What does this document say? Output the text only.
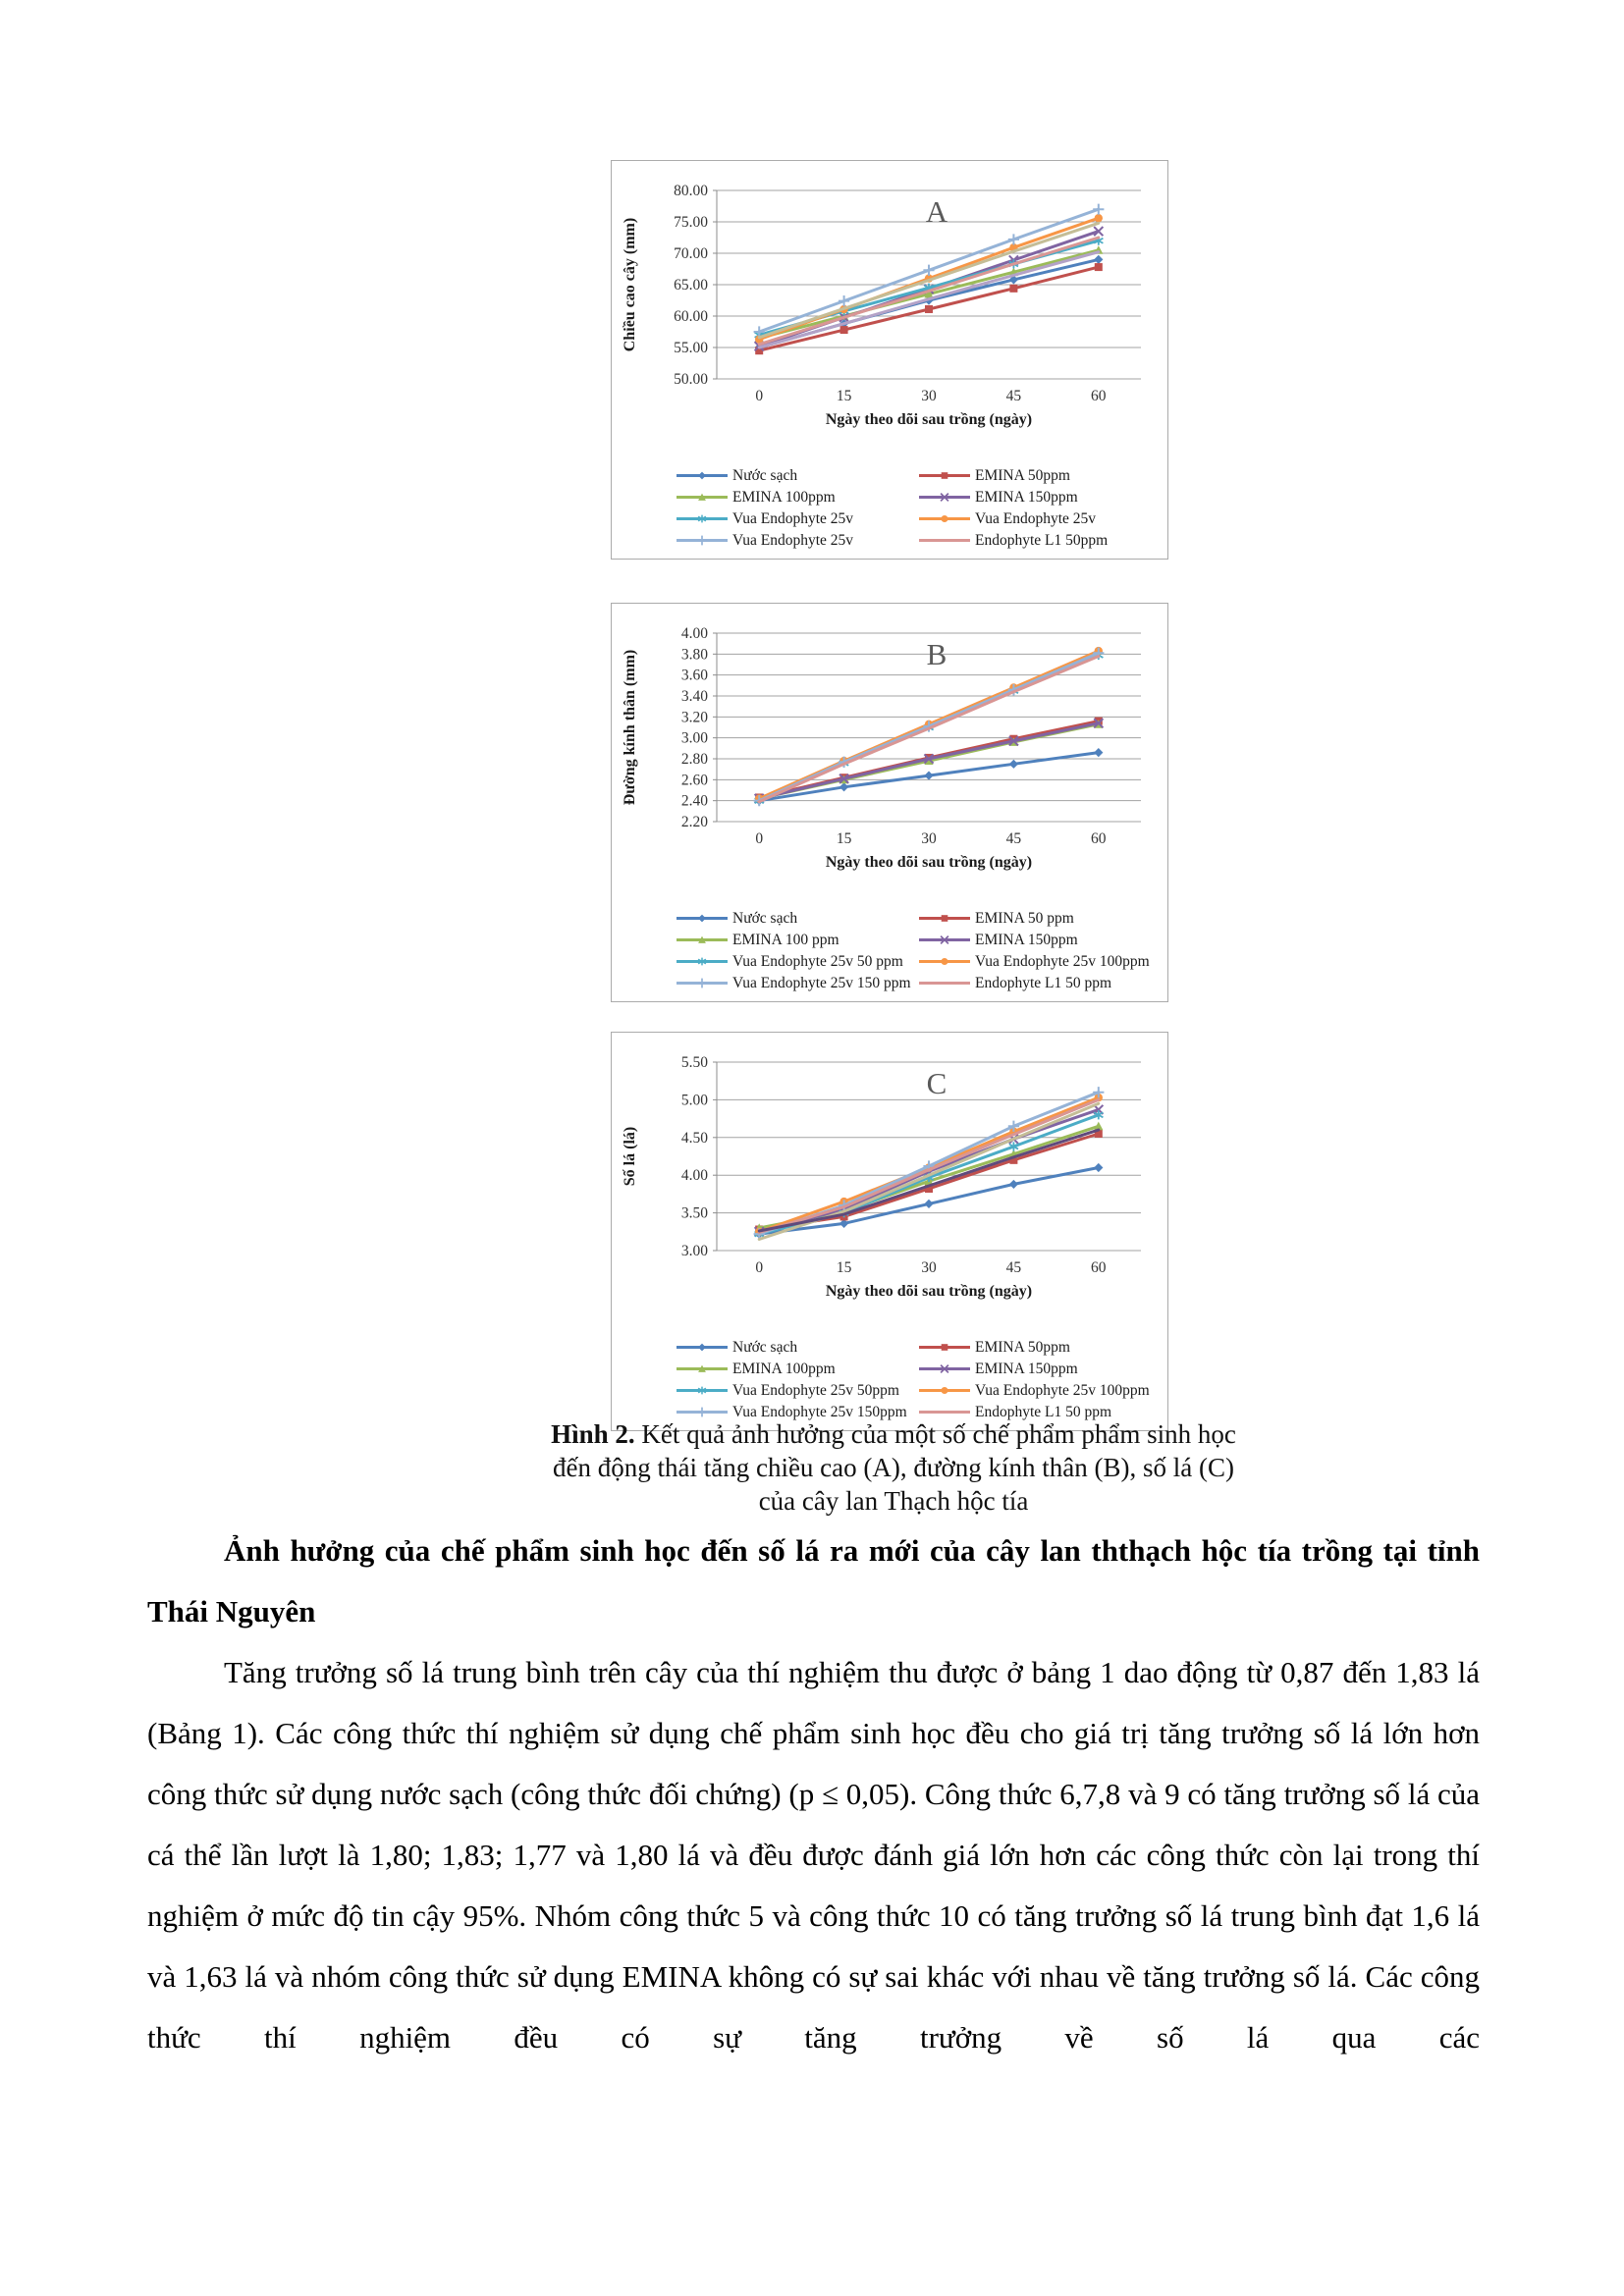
50.00
55.00
60.00
65.00
70.00
75.00
80.00
0	15	30	45	60
Ngày theo dõi sau trồng (ngày)
Chiều cao cây (mm)
A
Nước sạch	EMINA 50ppm
EMINA 100ppm	EMINA 150ppm
Vua Endophyte 25v	Vua Endophyte 25v
Vua Endophyte 25v	Endophyte L1 50ppm
2.20
2.40
2.60
2.80
3.00
3.20
3.40
3.60
3.80
4.00
0	15	30	45	60
Ngày theo dõi sau trồng (ngày)
Đường kính thân (mm)	B
Nước sạch	EMINA 50 ppm
EMINA 100 ppm	EMINA 150ppm
Vua Endophyte 25v 50 ppm	Vua Endophyte 25v 100ppm
Vua Endophyte 25v 150 ppm	Endophyte L1 50 ppm
3.00
3.50
4.00
4.50
5.00
5.50
0	15	30	45	60
Ngày theo dõi sau trồng (ngày)
Số lá (lá)
C
Nước sạch	EMINA 50ppm
EMINA 100ppm	EMINA 150ppm
Vua Endophyte 25v 50ppm	Vua Endophyte 25v 100ppm
Vua Endophyte 25v 150ppm	Endophyte L1 50 ppm
Hình 2. Kết quả ảnh hưởng của một số chế phẩm phẩm sinh học đến động thái tăng chiều cao (A), đường kính thân (B), số lá (C) của cây lan Thạch hộc tía

Ảnh hưởng của chế phẩm sinh học đến số lá ra mới của cây lan ththạch hộc tía trồng tại tỉnh Thái Nguyên

Tăng trưởng số lá trung bình trên cây của thí nghiệm thu được ở bảng 1 dao động từ 0,87 đến 1,83 lá (Bảng 1). Các công thức thí nghiệm sử dụng chế phẩm sinh học đều cho giá trị tăng trưởng số lá lớn hơn công thức sử dụng nước sạch (công thức đối chứng) (p ≤ 0,05). Công thức 6,7,8 và 9 có tăng trưởng số lá của cá thể lần lượt là 1,80; 1,83; 1,77 và 1,80 lá và đều được đánh giá lớn hơn các công thức còn lại trong thí nghiệm ở mức độ tin cậy 95%. Nhóm công thức 5 và công thức 10 có tăng trưởng số lá trung bình đạt 1,6 lá và 1,63 lá và nhóm công thức sử dụng EMINA không có sự sai khác với nhau về tăng trưởng số lá. Các công thức thí nghiệm đều có sự tăng trưởng về số lá qua các
